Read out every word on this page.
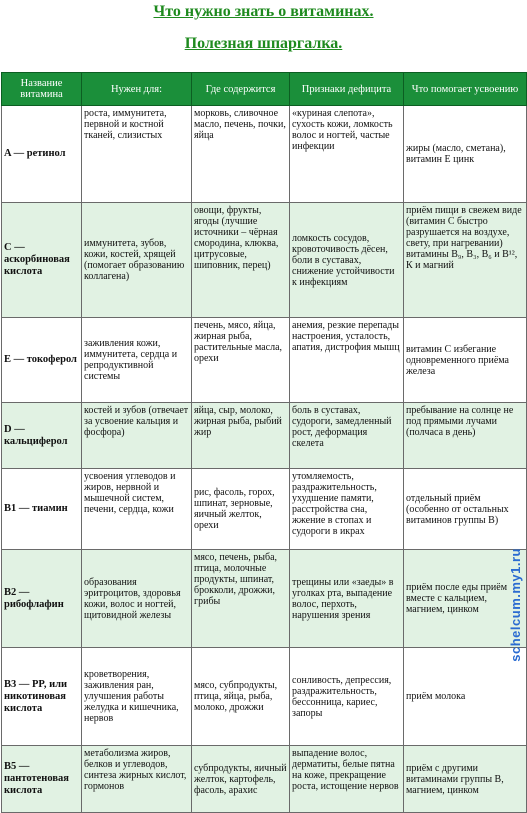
Что нужно знать о витаминах.
Полезная шпаргалка.
Название витамина	Нужен для:	Где содержится	Признаки дефицита	Что помогает усвоению
A — ретинол	роста, иммунитета, первной и костной тканей, слизистых	морковь, сливочное масло, печень, почки, яйца	«куриная слепота», сухость кожи, ломкость волос и ногтей, частые инфекции	жиры (масло, сметана), витамин Е цинк
С — аскорбиновая кислота	иммунитета, зубов, кожи, костей, хрящей (помогает образованию коллагена)	овощи, фрукты, ягоды (лучшие источники – чёрная смородина, клюква, цитрусовые, шиповник, перец)	ломкость сосудов, кровоточивость дёсен, боли в суставах, снижение устойчивости к инфекциям	приём пищи в свежем виде (витамин С быстро разрушается на воздухе, свету, при нагревании) витамины B₉, B₃, B₆ и B¹², К и магний
Е — токоферол	заживления кожи, иммунитета, сердца и репродуктивной системы	печень, мясо, яйца, жирная рыба, растительные масла, орехи	анемия, резкие перепады настроения, усталость, апатия, дистрофия мышц	витамин С избегание одновременного приёма железа
D — кальциферол	костей и зубов (отвечает за усвоение кальция и фосфора)	яйца, сыр, молоко, жирная рыба, рыбий жир	боль в суставах, судороги, замедленный рост, деформация скелета	пребывание на солнце не под прямыми лучами (полчаса в день)
B1 — тиамин	усвоения углеводов и жиров, нервной и мышечной систем, печени, сердца, кожи	рис, фасоль, горох, шпинат, зерновые, яичный желток, орехи	утомляемость, раздражительность, ухудшение памяти, расстройства сна, жжение в стопах и судороги в икрах	отдельный приём (особенно от остальных витаминов группы B)
B2 — рибофлафин	образования эритроцитов, здоровья кожи, волос и ногтей, щитовидной железы	мясо, печень, рыба, птица, молочные продукты, шпинат, брокколи, дрожжи, грибы	трещины или «заеды» в уголках рта, выпадение волос, перхоть, нарушения зрения	приём после еды приём вместе с кальцием, магнием, цинком
B3 — PP, или никотиновая кислота	кроветворения, заживления ран, улучшения работы желудка и кишечника, нервов	мясо, субпродукты, птица, яйца, рыба, молоко, дрожжи	сонливость, депрессия, раздражительность, бессонница, кариес, запоры	приём молока
B5 — пантотеновая кислота	метаболизма жиров, белков и углеводов, синтеза жирных кислот, гормонов	субпродукты, яичный желток, картофель, фасоль, арахис	выпадение волос, дерматиты, белые пятна на коже, прекращение роста, истощение нервов	приём с другими витаминами группы В, магнием, цинком
schelcum.my1.ru
